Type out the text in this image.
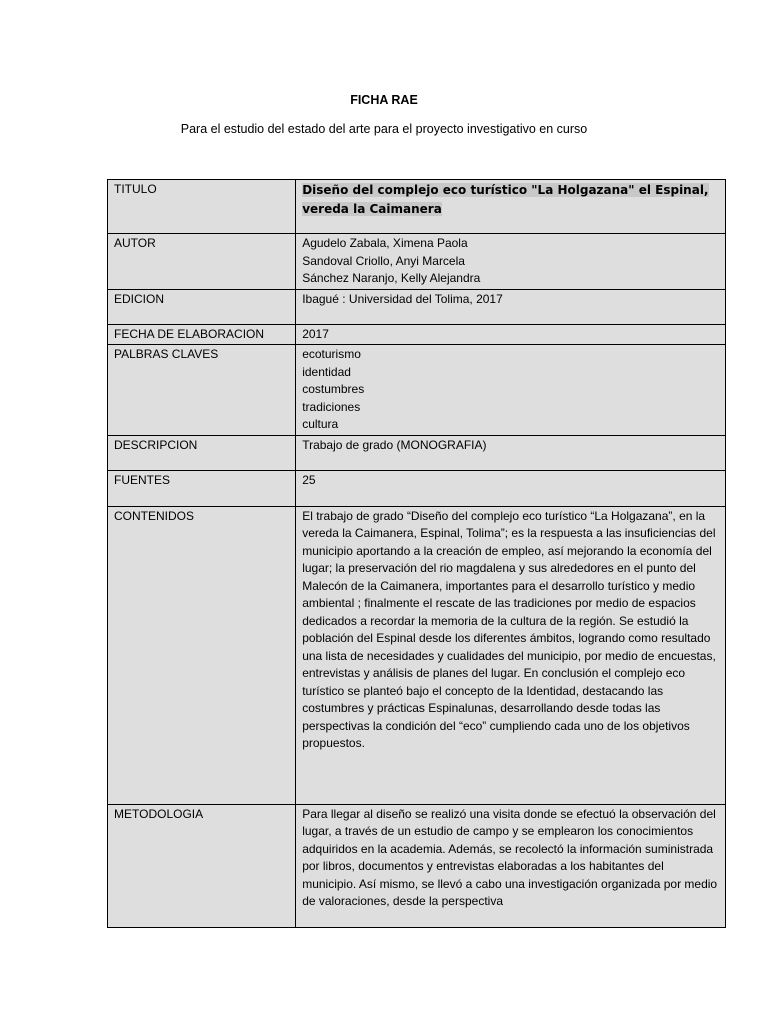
FICHA RAE
Para el estudio del estado del arte para el proyecto investigativo en curso
TITULO	Diseño del complejo eco turístico "La Holgazana" el Espinal, vereda la Caimanera
AUTOR	Agudelo Zabala, Ximena Paola
Sandoval Criollo, Anyi Marcela
Sánchez Naranjo, Kelly Alejandra

EDICION	Ibagué : Universidad del Tolima, 2017
FECHA DE ELABORACION	2017
PALBRAS CLAVES	ecoturismo
identidad
costumbres
tradiciones
cultura

DESCRIPCION	Trabajo de grado (MONOGRAFIA)
FUENTES	25
CONTENIDOS	El trabajo de grado “Diseño del complejo eco turístico “La Holgazana”, en la vereda la Caimanera, Espinal, Tolima”; es la respuesta a las insuficiencias del municipio aportando a la creación de empleo, así mejorando la economía del lugar; la preservación del rio magdalena y sus alrededores en el punto del Malecón de la Caimanera, importantes para el desarrollo turístico y medio ambiental ; finalmente el rescate de las tradiciones por medio de espacios dedicados a recordar la memoria de la cultura de la región. Se estudió la población del Espinal desde los diferentes ámbitos, logrando como resultado una lista de necesidades y cualidades del municipio, por medio de encuestas, entrevistas y análisis de planes del lugar. En conclusión el complejo eco turístico se planteó bajo el concepto de la Identidad, destacando las costumbres y prácticas Espinalunas, desarrollando desde todas las perspectivas la condición del “eco” cumpliendo cada uno de los objetivos propuestos.

METODOLOGIA	Para llegar al diseño se realizó una visita donde se efectuó la observación del lugar, a través de un estudio de campo y se emplearon los conocimientos adquiridos en la academia. Además, se recolectó la información suministrada por libros, documentos y entrevistas elaboradas a los habitantes del municipio. Así mismo, se llevó a cabo una investigación organizada por medio de valoraciones, desde la perspectiva
